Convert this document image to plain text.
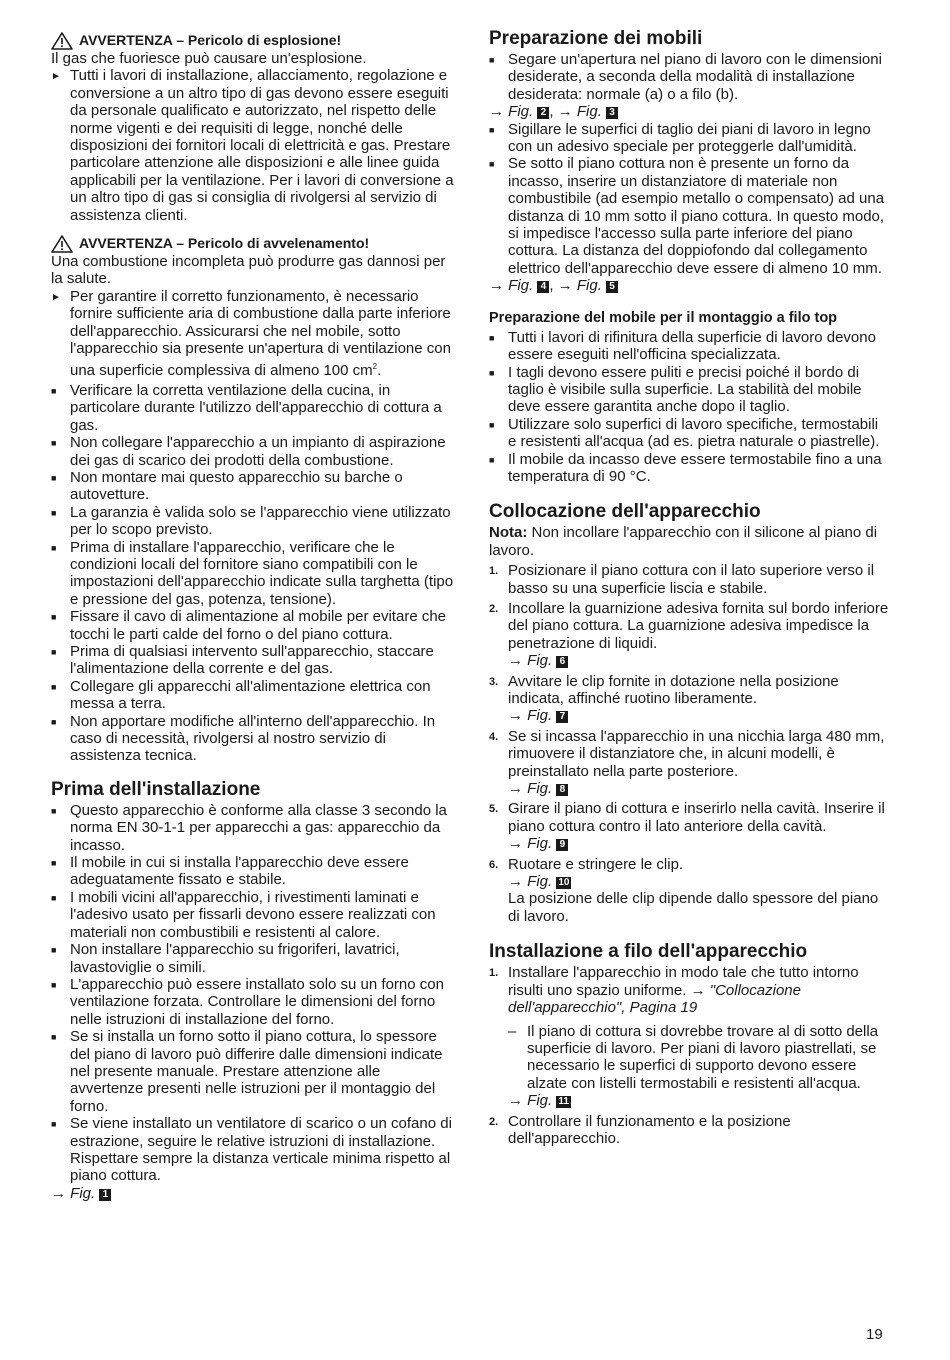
AVVERTENZA – Pericolo di esplosione!

Il gas che fuoriesce può causare un'esplosione.

► Tutti i lavori di installazione, allacciamento, regolazione e conversione a un altro tipo di gas devono essere eseguiti da personale qualificato e autorizzato, nel rispetto delle norme vigenti e dei requisiti di legge, nonché delle disposizioni dei fornitori locali di elettricità e gas. Prestare particolare attenzione alle disposizioni e alle linee guida applicabili per la ventilazione. Per i lavori di conversione a un altro tipo di gas si consiglia di rivolgersi al servizio di assistenza clienti.

AVVERTENZA – Pericolo di avvelenamento!

Una combustione incompleta può produrre gas dannosi per la salute.

► Per garantire il corretto funzionamento, è necessario fornire sufficiente aria di combustione dalla parte inferiore dell'apparecchio. Assicurarsi che nel mobile, sotto l'apparecchio sia presente un'apertura di ventilazione con una superficie complessiva di almeno 100 $cm^2$.
■ Verificare la corretta ventilazione della cucina, in particolare durante l'utilizzo dell'apparecchio di cottura a gas.
■ Non collegare l'apparecchio a un impianto di aspirazione dei gas di scarico dei prodotti della combustione.
■ Non montare mai questo apparecchio su barche o autovetture.
■ La garanzia è valida solo se l'apparecchio viene utilizzato per lo scopo previsto.
■ Prima di installare l'apparecchio, verificare che le condizioni locali del fornitore siano compatibili con le impostazioni dell'apparecchio indicate sulla targhetta (tipo e pressione del gas, potenza, tensione).
■ Fissare il cavo di alimentazione al mobile per evitare che tocchi le parti calde del forno o del piano cottura.
■ Prima di qualsiasi intervento sull'apparecchio, staccare l'alimentazione della corrente e del gas.
■ Collegare gli apparecchi all'alimentazione elettrica con messa a terra.
■ Non apportare modifiche all'interno dell'apparecchio. In caso di necessità, rivolgersi al nostro servizio di assistenza tecnica.
Prima dell'installazione
■ Questo apparecchio è conforme alla classe 3 secondo la norma EN 30-1-1 per apparecchi a gas: apparecchio da incasso.
■ Il mobile in cui si installa l'apparecchio deve essere adeguatamente fissato e stabile.
■ I mobili vicini all'apparecchio, i rivestimenti laminati e l'adesivo usato per fissarli devono essere realizzati con materiali non combustibili e resistenti al calore.
■ Non installare l'apparecchio su frigoriferi, lavatrici, lavastoviglie o simili.
■ L'apparecchio può essere installato solo su un forno con ventilazione forzata. Controllare le dimensioni del forno nelle istruzioni di installazione del forno.
■ Se si installa un forno sotto il piano cottura, lo spessore del piano di lavoro può differire dalle dimensioni indicate nel presente manuale. Prestare attenzione alle avvertenze presenti nelle istruzioni per il montaggio del forno.
■ Se viene installato un ventilatore di scarico o un cofano di estrazione, seguire le relative istruzioni di installazione. Rispettare sempre la distanza verticale minima rispetto al piano cottura.

→ Fig. 1

Preparazione dei mobili
■ Segare un'apertura nel piano di lavoro con le dimensioni desiderate, a seconda della modalità di installazione desiderata: normale (a) o a filo (b).

→ Fig. 2 , → Fig. 3

■ Sigillare le superfici di taglio dei piani di lavoro in legno con un adesivo speciale per proteggerle dall'umidità.
■ Se sotto il piano cottura non è presente un forno da incasso, inserire un distanziatore di materiale non combustibile (ad esempio metallo o compensato) ad una distanza di 10 mm sotto il piano cottura. In questo modo, si impedisce l'accesso sulla parte inferiore del piano cottura. La distanza del doppiofondo dal collegamento elettrico dell'apparecchio deve essere di almeno 10 mm.

→ Fig. 4 , → Fig. 5

Preparazione del mobile per il montaggio a filo top
■ Tutti i lavori di rifinitura della superficie di lavoro devono essere eseguiti nell'officina specializzata.
■ I tagli devono essere puliti e precisi poiché il bordo di taglio è visibile sulla superficie. La stabilità del mobile deve essere garantita anche dopo il taglio.
■ Utilizzare solo superfici di lavoro specifiche, termostabili e resistenti all'acqua (ad es. pietra naturale o piastrelle).
■ Il mobile da incasso deve essere termostabile fino a una temperatura di 90 °C.
Collocazione dell'apparecchio

Nota: Non incollare l'apparecchio con il silicone al piano di lavoro.

1. Posizionare il piano cottura con il lato superiore verso il basso su una superficie liscia e stabile.
2. Incollare la guarnizione adesiva fornita sul bordo inferiore del piano cottura. La guarnizione adesiva impedisce la penetrazione di liquidi.
→ Fig. 6
3. Avvitare le clip fornite in dotazione nella posizione indicata, affinché ruotino liberamente.
→ Fig. 7
4. Se si incassa l'apparecchio in una nicchia larga 480 mm, rimuovere il distanziatore che, in alcuni modelli, è preinstallato nella parte posteriore.
→ Fig. 8
5. Girare il piano di cottura e inserirlo nella cavità. Inserire il piano cottura contro il lato anteriore della cavità.
→ Fig. 9
6. Ruotare e stringere le clip.
→ Fig. 10
La posizione delle clip dipende dallo spessore del piano di lavoro.
Installazione a filo dell'apparecchio
1. Installare l'apparecchio in modo tale che tutto intorno risulti uno spazio uniforme. → "Collocazione dell'apparecchio", Pagina 19
– Il piano di cottura si dovrebbe trovare al di sotto della superficie di lavoro. Per piani di lavoro piastrellati, se necessario le superfici di supporto devono essere alzate con listelli termostabili e resistenti all'acqua.

→ Fig. 11

2. Controllare il funzionamento e la posizione dell'apparecchio.
19
